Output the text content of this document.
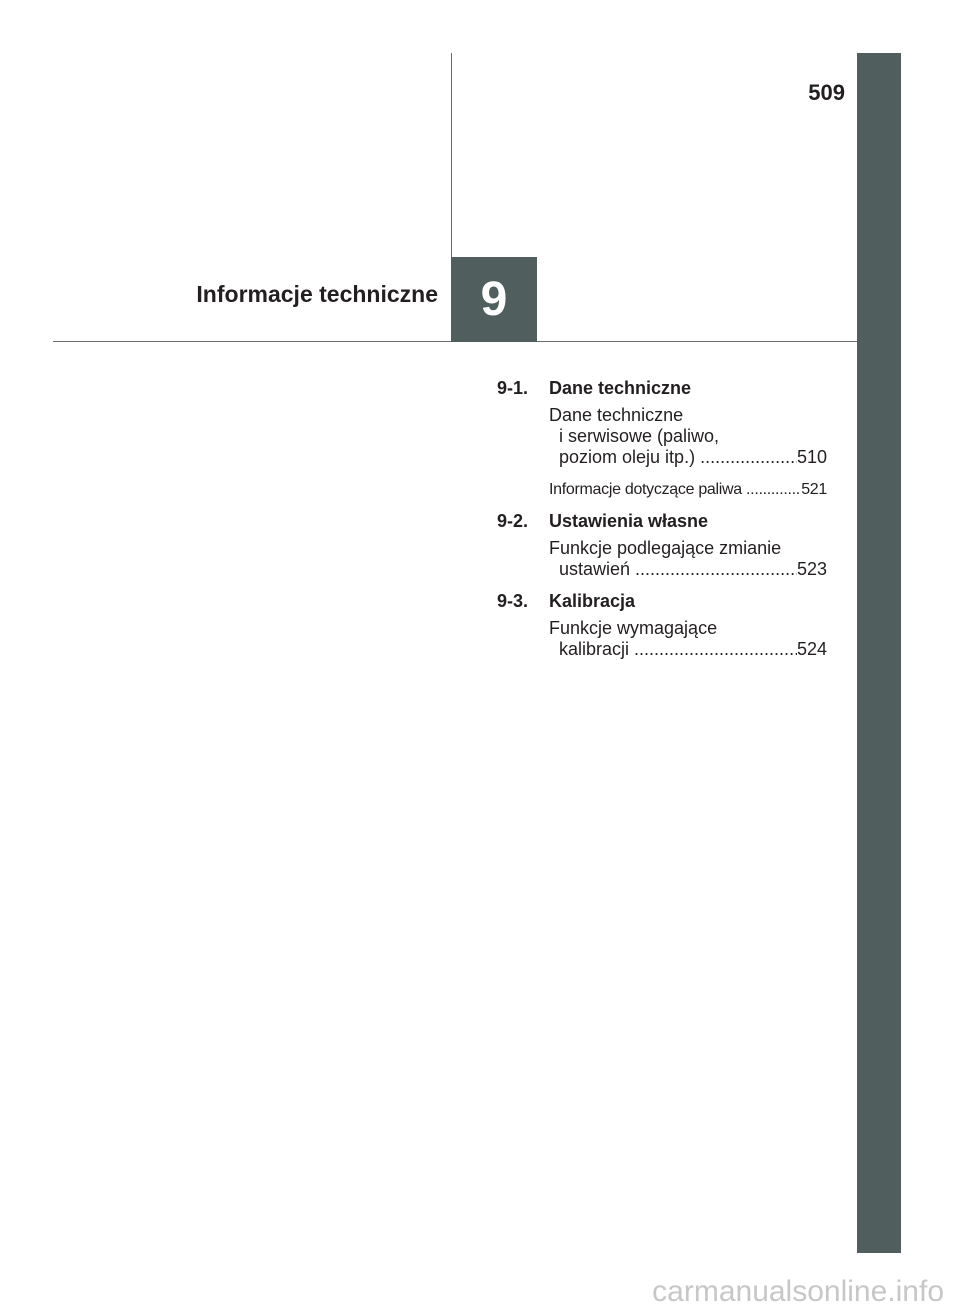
509
Informacje techniczne 9
9-1.	Dane techniczne
Dane techniczne
i serwisowe (paliwo,
poziom oleju itp.) .....	510
Informacje dotyczące paliwa .....	521
9-2.	Ustawienia własne
Funkcje podlegające zmianie
ustawień .....	523
9-3.	Kalibracja
Funkcje wymagające
kalibracji .....	524
carmanualsonline.info
